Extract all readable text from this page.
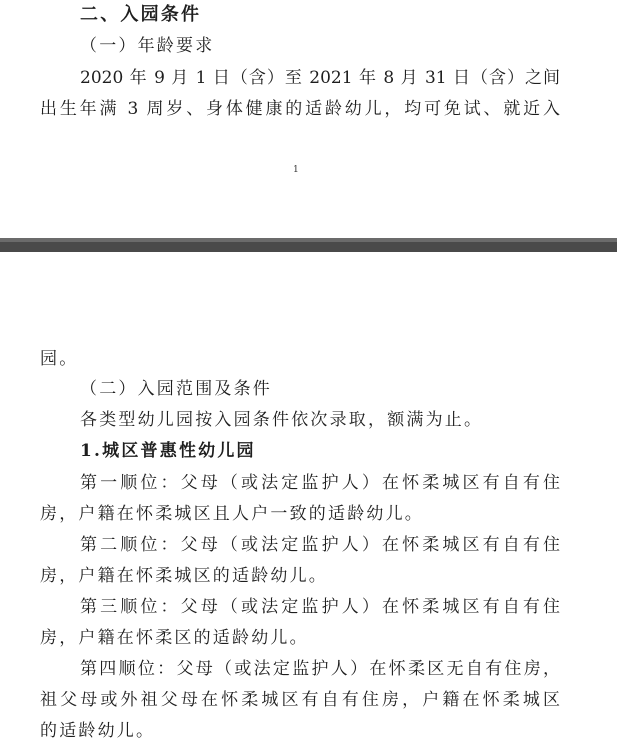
二、入园条件
（一）年龄要求
2020 年 9 月 1 日（含）至 2021 年 8 月 31 日（含）之间
出生年满 3 周岁、身体健康的适龄幼儿，均可免试、就近入
1
园。
（二）入园范围及条件
各类型幼儿园按入园条件依次录取，额满为止。
1.城区普惠性幼儿园
第一顺位：父母（或法定监护人）在怀柔城区有自有住
房，户籍在怀柔城区且人户一致的适龄幼儿。
第二顺位：父母（或法定监护人）在怀柔城区有自有住
房，户籍在怀柔城区的适龄幼儿。
第三顺位：父母（或法定监护人）在怀柔城区有自有住
房，户籍在怀柔区的适龄幼儿。
第四顺位：父母（或法定监护人）在怀柔区无自有住房，
祖父母或外祖父母在怀柔城区有自有住房，户籍在怀柔城区
的适龄幼儿。
